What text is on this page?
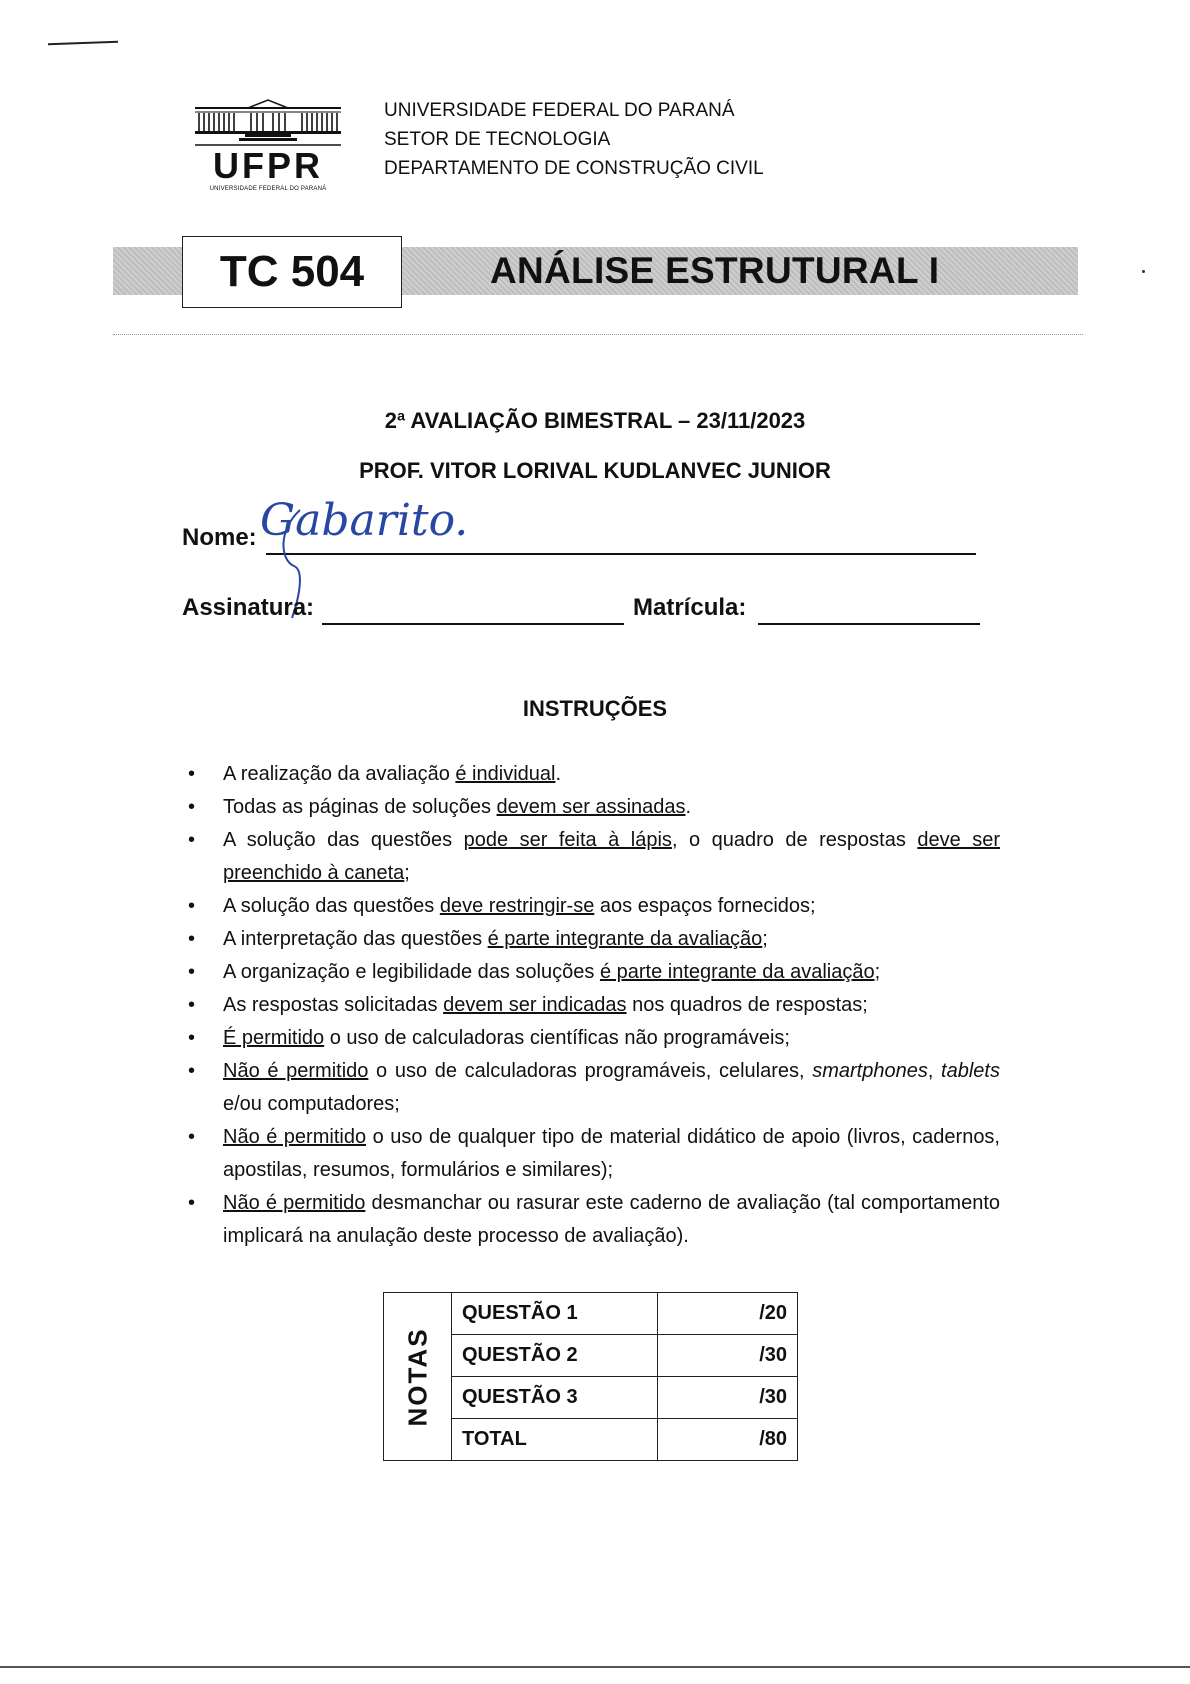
UFPR
UNIVERSIDADE FEDERAL DO PARANÁ
UNIVERSIDADE FEDERAL DO PARANÁ
SETOR DE TECNOLOGIA
DEPARTAMENTO DE CONSTRUÇÃO CIVIL
TC 504	ANÁLISE ESTRUTURAL I
2ª AVALIAÇÃO BIMESTRAL – 23/11/2023
PROF. VITOR LORIVAL KUDLANVEC JUNIOR
Nome: Gabarito.
Assinatura:	Matrícula:
INSTRUÇÕES
• A realização da avaliação é individual.
• Todas as páginas de soluções devem ser assinadas.
• A solução das questões pode ser feita à lápis, o quadro de respostas deve ser preenchido à caneta;
• A solução das questões deve restringir-se aos espaços fornecidos;
• A interpretação das questões é parte integrante da avaliação;
• A organização e legibilidade das soluções é parte integrante da avaliação;
• As respostas solicitadas devem ser indicadas nos quadros de respostas;
• É permitido o uso de calculadoras científicas não programáveis;
• Não é permitido o uso de calculadoras programáveis, celulares, smartphones, tablets e/ou computadores;
• Não é permitido o uso de qualquer tipo de material didático de apoio (livros, cadernos, apostilas, resumos, formulários e similares);
• Não é permitido desmanchar ou rasurar este caderno de avaliação (tal comportamento implicará na anulação deste processo de avaliação).
NOTAS	QUESTÃO 1	/20
	QUESTÃO 2	/30
	QUESTÃO 3	/30
	TOTAL	/80
